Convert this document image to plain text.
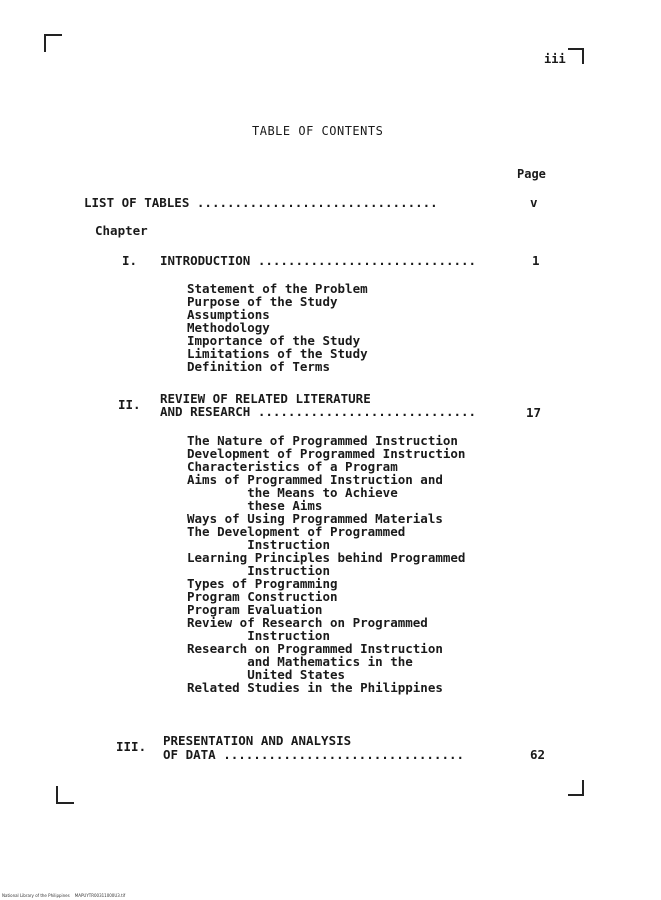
iii
TABLE OF CONTENTS
Page
LIST OF TABLES ................................	v
Chapter
I. INTRODUCTION .............................	1
Statement of the Problem
Purpose of the Study
Assumptions
Methodology
Importance of the Study
Limitations of the Study
Definition of Terms
II. REVIEW OF RELATED LITERATURE
AND RESEARCH .............................	17
The Nature of Programmed Instruction
Development of Programmed Instruction
Characteristics of a Program
Aims of Programmed Instruction and
the Means to Achieve
these Aims
Ways of Using Programmed Materials
The Development of Programmed
Instruction
Learning Principles behind Programmed
Instruction
Types of Programming
Program Construction
Program Evaluation
Review of Research on Programmed
Instruction
Research on Programmed Instruction
and Mathematics in the
United States
Related Studies in the Philippines
III. PRESENTATION AND ANALYSIS
OF DATA ................................	62
National Library of the Philippines    MAPUYTR00311000U3.tif
